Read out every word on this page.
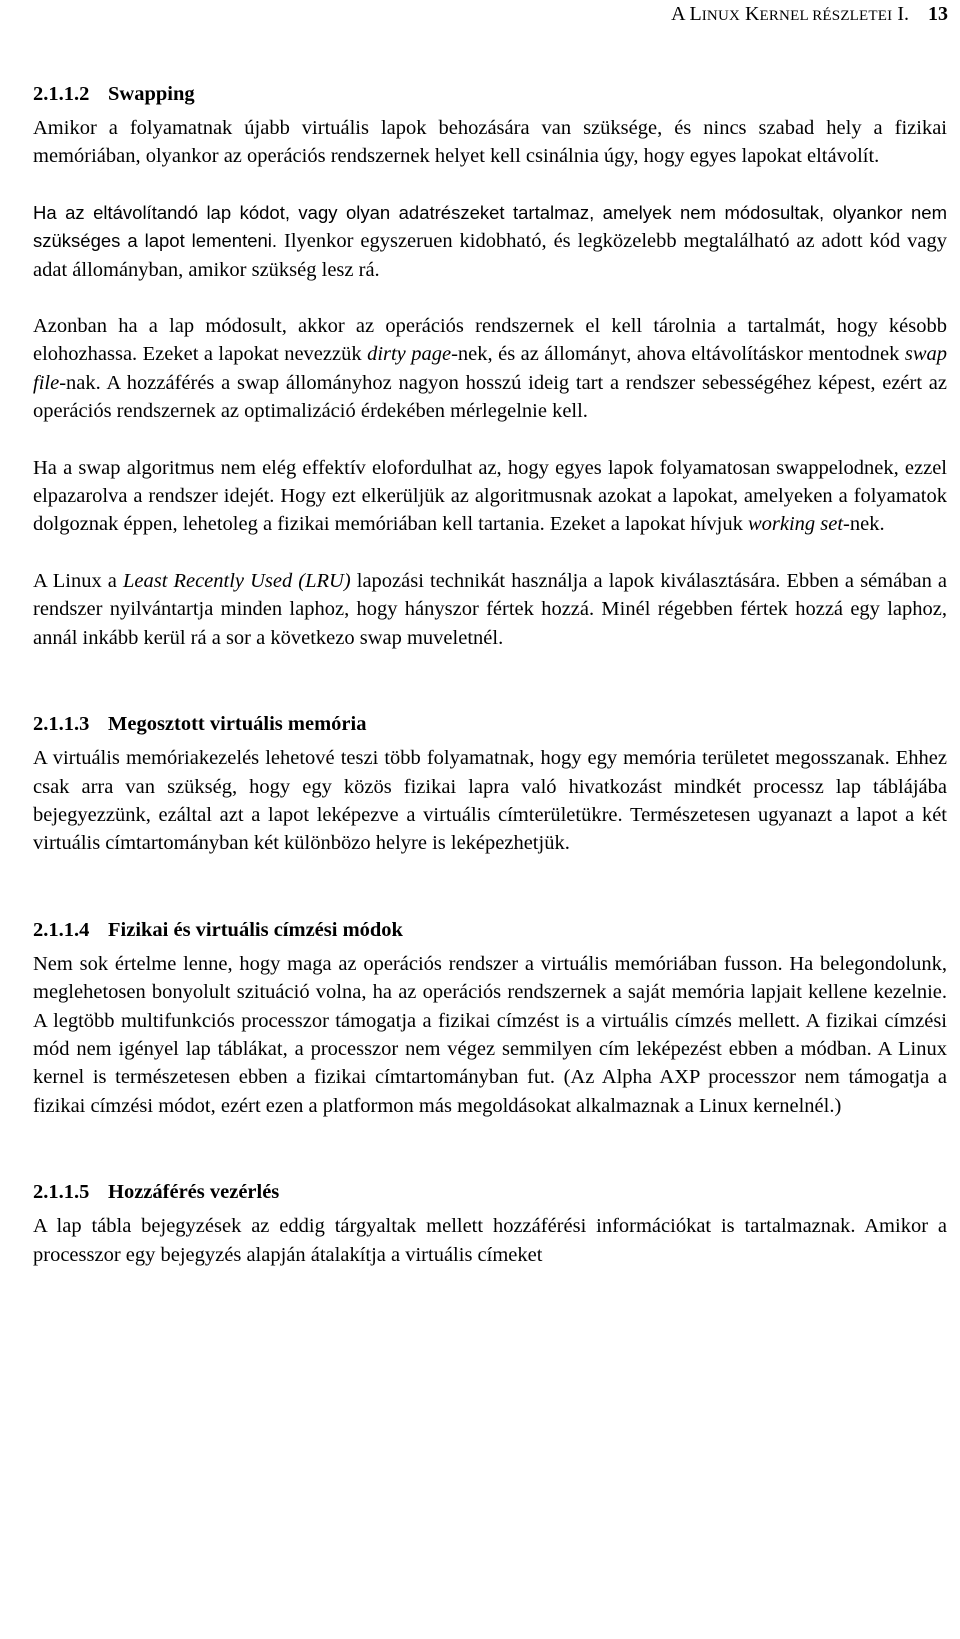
A LINUX KERNEL RÉSZLETEI I. 13
2.1.1.2 Swapping

Amikor a folyamatnak újabb virtuális lapok behozására van szüksége, és nincs szabad hely a fizikai memóriában, olyankor az operációs rendszernek helyet kell csinálnia úgy, hogy egyes lapokat eltávolít.

Ha az eltávolítandó lap kódot, vagy olyan adatrészeket tartalmaz, amelyek nem módosultak, olyankor nem szükséges a lapot lementeni. Ilyenkor egyszeruen kidobható, és legközelebb megtalálható az adott kód vagy adat állományban, amikor szükség lesz rá.

Azonban ha a lap módosult, akkor az operációs rendszernek el kell tárolnia a tartalmát, hogy késobb elohozhassa. Ezeket a lapokat nevezzük dirty page-nek, és az állományt, ahova eltávolításkor mentodnek swap file-nak. A hozzáférés a swap állományhoz nagyon hosszú ideig tart a rendszer sebességéhez képest, ezért az operációs rendszernek az optimalizáció érdekében mérlegelnie kell.

Ha a swap algoritmus nem elég effektív elofordulhat az, hogy egyes lapok folyamatosan swappelodnek, ezzel elpazarolva a rendszer idejét. Hogy ezt elkerüljük az algoritmusnak azokat a lapokat, amelyeken a folyamatok dolgoznak éppen, lehetoleg a fizikai memóriában kell tartania. Ezeket a lapokat hívjuk working set-nek.

A Linux a Least Recently Used (LRU) lapozási technikát használja a lapok kiválasztására. Ebben a sémában a rendszer nyilvántartja minden laphoz, hogy hányszor fértek hozzá. Minél régebben fértek hozzá egy laphoz, annál inkább kerül rá a sor a következo swap muveletnél.

2.1.1.3 Megosztott virtuális memória

A virtuális memóriakezelés lehetové teszi több folyamatnak, hogy egy memória területet megosszanak. Ehhez csak arra van szükség, hogy egy közös fizikai lapra való hivatkozást mindkét processz lap táblájába bejegyezzünk, ezáltal azt a lapot leképezve a virtuális címterületükre. Természetesen ugyanazt a lapot a két virtuális címtartományban két különbözo helyre is leképezhetjük.

2.1.1.4 Fizikai és virtuális címzési módok

Nem sok értelme lenne, hogy maga az operációs rendszer a virtuális memóriában fusson. Ha belegondolunk, meglehetosen bonyolult szituáció volna, ha az operációs rendszernek a saját memória lapjait kellene kezelnie. A legtöbb multifunkciós processzor támogatja a fizikai címzést is a virtuális címzés mellett. A fizikai címzési mód nem igényel lap táblákat, a processzor nem végez semmilyen cím leképezést ebben a módban. A Linux kernel is természetesen ebben a fizikai címtartományban fut. (Az Alpha AXP processzor nem támogatja a fizikai címzési módot, ezért ezen a platformon más megoldásokat alkalmaznak a Linux kernelnél.)

2.1.1.5 Hozzáférés vezérlés

A lap tábla bejegyzések az eddig tárgyaltak mellett hozzáférési információkat is tartalmaznak. Amikor a processzor egy bejegyzés alapján átalakítja a virtuális címeket
